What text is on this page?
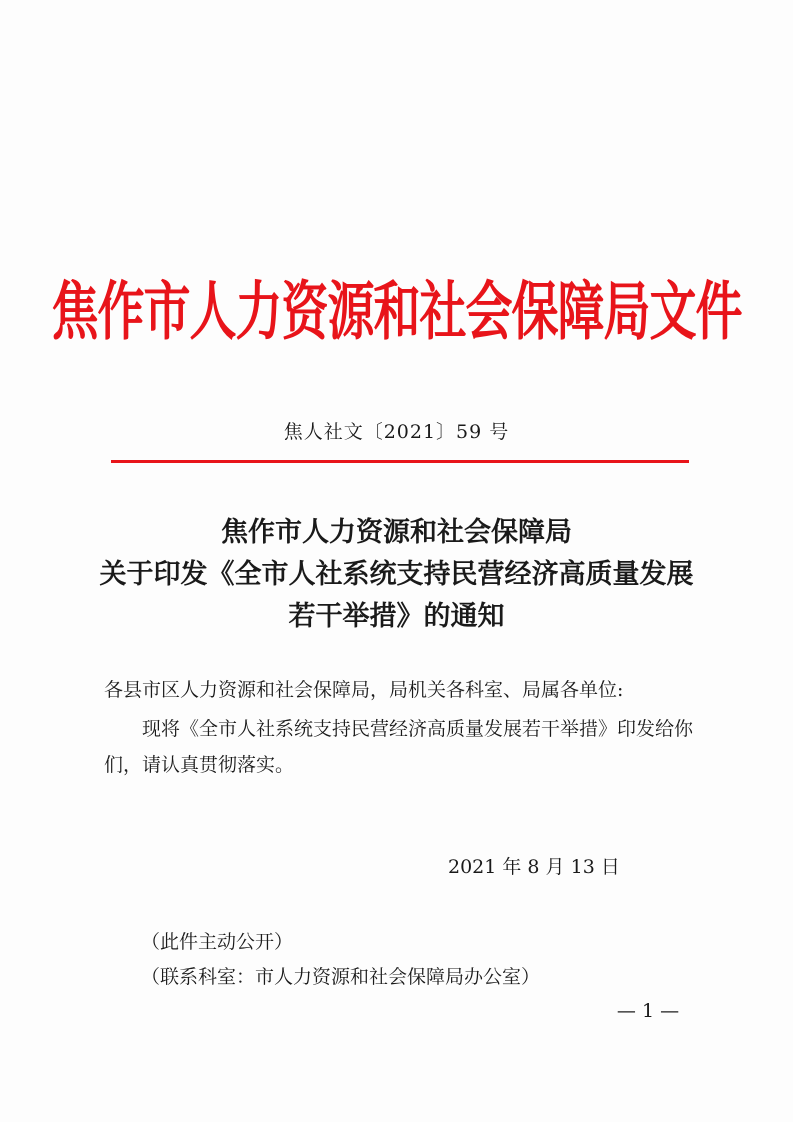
焦作市人力资源和社会保障局文件
焦人社文〔2021〕59 号
焦作市人力资源和社会保障局
关于印发《全市人社系统支持民营经济高质量发展
若干举措》的通知
各县市区人力资源和社会保障局，局机关各科室、局属各单位:
现将《全市人社系统支持民营经济高质量发展若干举措》印发给你们，请认真贯彻落实。
2021 年 8 月 13 日
（此件主动公开）
（联系科室：市人力资源和社会保障局办公室）
— 1 —
